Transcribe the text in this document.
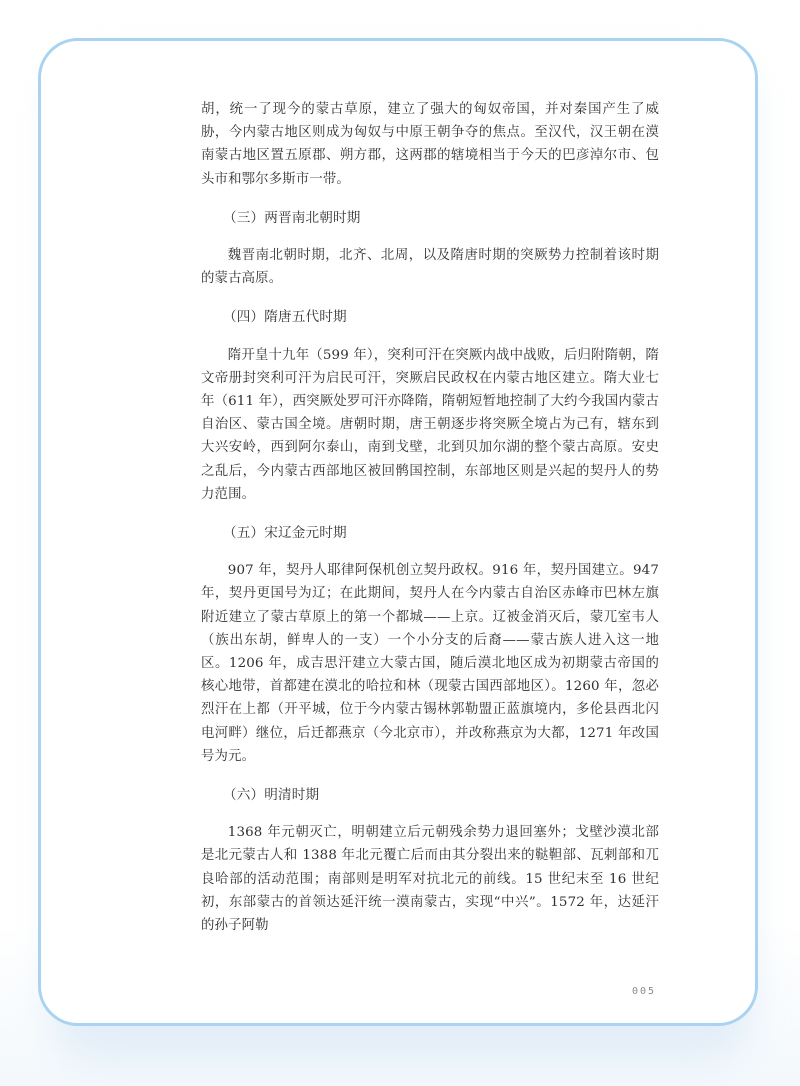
胡，统一了现今的蒙古草原，建立了强大的匈奴帝国，并对秦国产生了威胁，今内蒙古地区则成为匈奴与中原王朝争夺的焦点。至汉代，汉王朝在漠南蒙古地区置五原郡、朔方郡，这两郡的辖境相当于今天的巴彦淖尔市、包头市和鄂尔多斯市一带。

（三）两晋南北朝时期

魏晋南北朝时期，北齐、北周，以及隋唐时期的突厥势力控制着该时期的蒙古高原。

（四）隋唐五代时期

隋开皇十九年（599 年），突利可汗在突厥内战中战败，后归附隋朝，隋文帝册封突利可汗为启民可汗，突厥启民政权在内蒙古地区建立。隋大业七年（611 年），西突厥处罗可汗亦降隋，隋朝短暂地控制了大约今我国内蒙古自治区、蒙古国全境。唐朝时期，唐王朝逐步将突厥全境占为己有，辖东到大兴安岭，西到阿尔泰山，南到戈壁，北到贝加尔湖的整个蒙古高原。安史之乱后，今内蒙古西部地区被回鹘国控制，东部地区则是兴起的契丹人的势力范围。

（五）宋辽金元时期

907 年，契丹人耶律阿保机创立契丹政权。916 年，契丹国建立。947 年，契丹更国号为辽；在此期间，契丹人在今内蒙古自治区赤峰市巴林左旗附近建立了蒙古草原上的第一个都城——上京。辽被金消灭后，蒙兀室韦人（族出东胡，鲜卑人的一支）一个小分支的后裔——蒙古族人进入这一地区。1206 年，成吉思汗建立大蒙古国，随后漠北地区成为初期蒙古帝国的核心地带，首都建在漠北的哈拉和林（现蒙古国西部地区）。1260 年，忽必烈汗在上都（开平城，位于今内蒙古锡林郭勒盟正蓝旗境内，多伦县西北闪电河畔）继位，后迁都燕京（今北京市），并改称燕京为大都，1271 年改国号为元。

（六）明清时期

1368 年元朝灭亡，明朝建立后元朝残余势力退回塞外；戈壁沙漠北部是北元蒙古人和 1388 年北元覆亡后而由其分裂出来的鞑靼部、瓦剌部和兀良哈部的活动范围；南部则是明军对抗北元的前线。15 世纪末至 16 世纪初，东部蒙古的首领达延汗统一漠南蒙古，实现“中兴”。1572 年，达延汗的孙子阿勒

005
